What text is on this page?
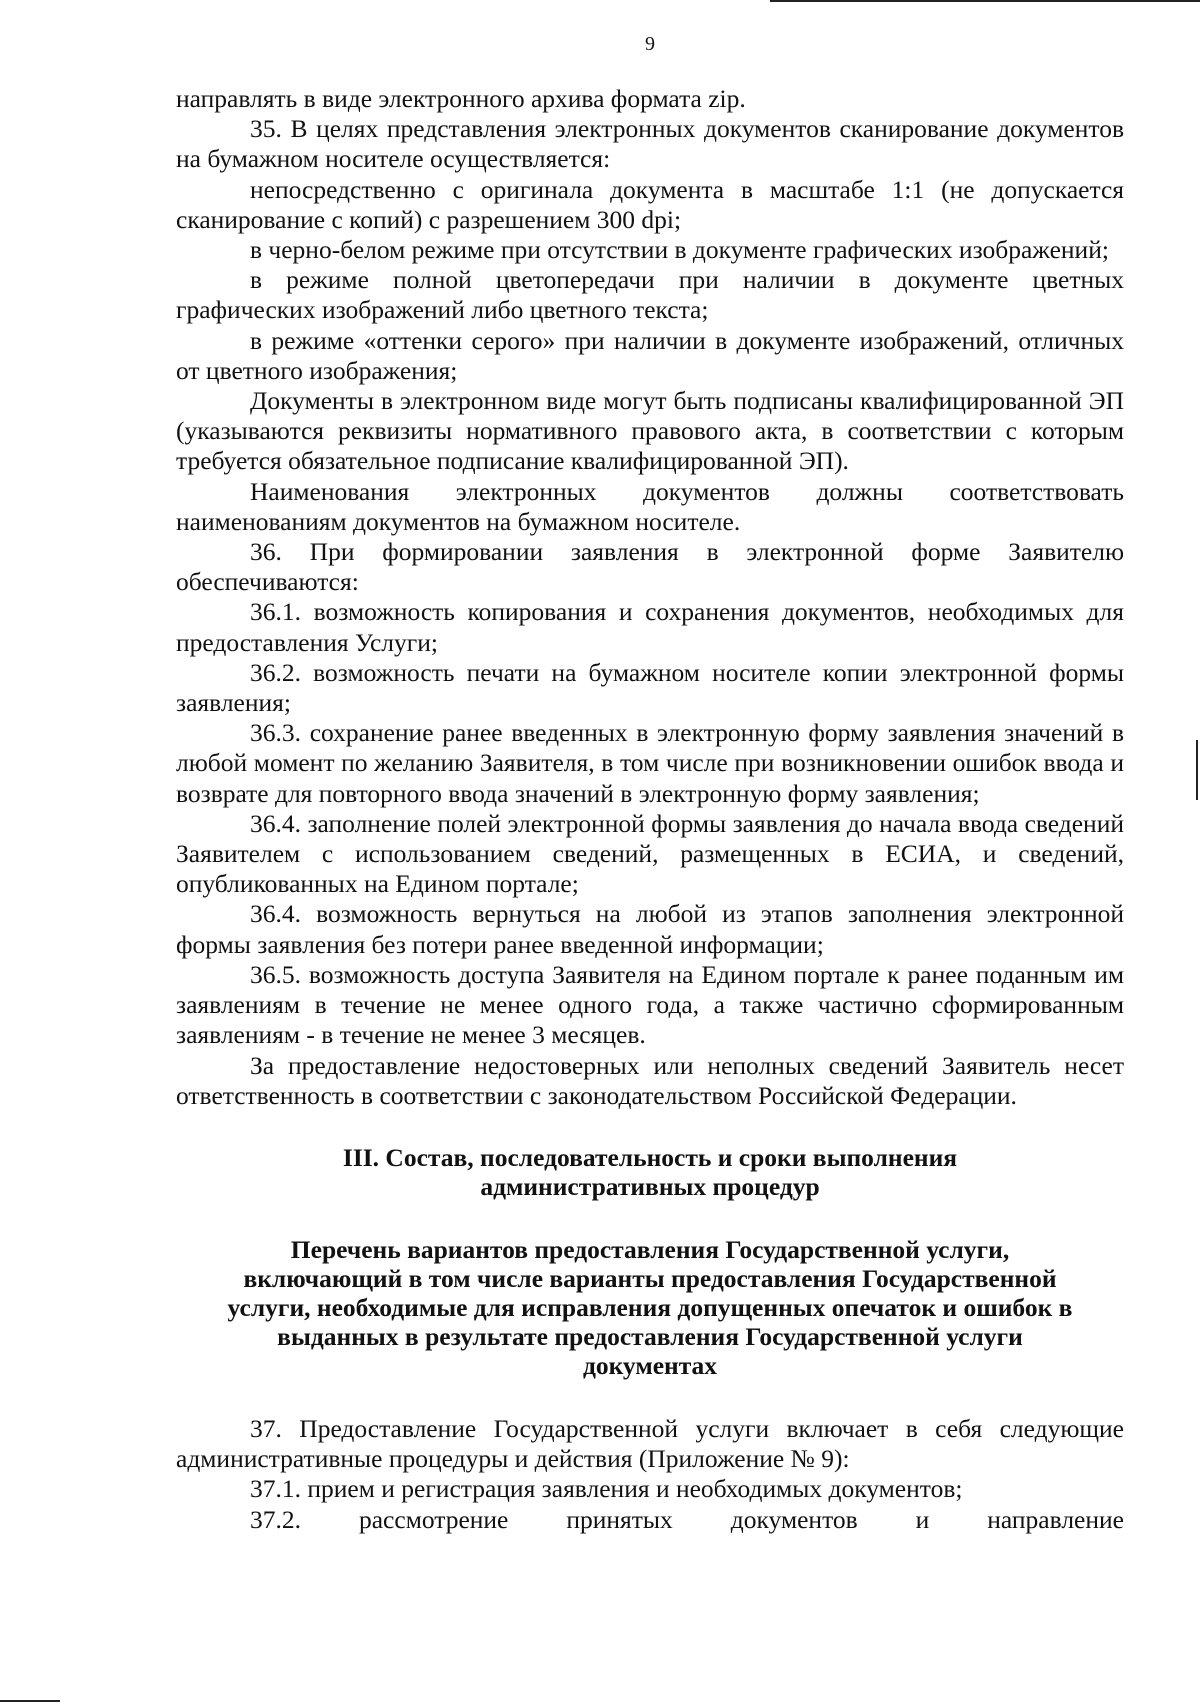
9

направлять в виде электронного архива формата zip.

35. В целях представления электронных документов сканирование документов на бумажном носителе осуществляется:

непосредственно с оригинала документа в масштабе 1:1 (не допускается сканирование с копий) с разрешением 300 dpi;

в черно-белом режиме при отсутствии в документе графических изображений;

в режиме полной цветопередачи при наличии в документе цветных графических изображений либо цветного текста;

в режиме «оттенки серого» при наличии в документе изображений, отличных от цветного изображения;

Документы в электронном виде могут быть подписаны квалифицированной ЭП (указываются реквизиты нормативного правового акта, в соответствии с которым требуется обязательное подписание квалифицированной ЭП).

Наименования электронных документов должны соответствовать наименованиям документов на бумажном носителе.

36. При формировании заявления в электронной форме Заявителю обеспечиваются:

36.1. возможность копирования и сохранения документов, необходимых для предоставления Услуги;

36.2. возможность печати на бумажном носителе копии электронной формы заявления;

36.3. сохранение ранее введенных в электронную форму заявления значений в любой момент по желанию Заявителя, в том числе при возникновении ошибок ввода и возврате для повторного ввода значений в электронную форму заявления;

36.4. заполнение полей электронной формы заявления до начала ввода сведений Заявителем с использованием сведений, размещенных в ЕСИА, и сведений, опубликованных на Едином портале;

36.4. возможность вернуться на любой из этапов заполнения электронной формы заявления без потери ранее введенной информации;

36.5. возможность доступа Заявителя на Едином портале к ранее поданным им заявлениям в течение не менее одного года, а также частично сформированным заявлениям - в течение не менее 3 месяцев.

За предоставление недостоверных или неполных сведений Заявитель несет ответственность в соответствии с законодательством Российской Федерации.

III. Состав, последовательность и сроки выполнения
административных процедур
Перечень вариантов предоставления Государственной услуги,
включающий в том числе варианты предоставления Государственной
услуги, необходимые для исправления допущенных опечаток и ошибок в
выданных в результате предоставления Государственной услуги
документах

37. Предоставление Государственной услуги включает в себя следующие административные процедуры и действия (Приложение № 9):

37.1. прием и регистрация заявления и необходимых документов;

37.2. рассмотрение принятых документов и направление
